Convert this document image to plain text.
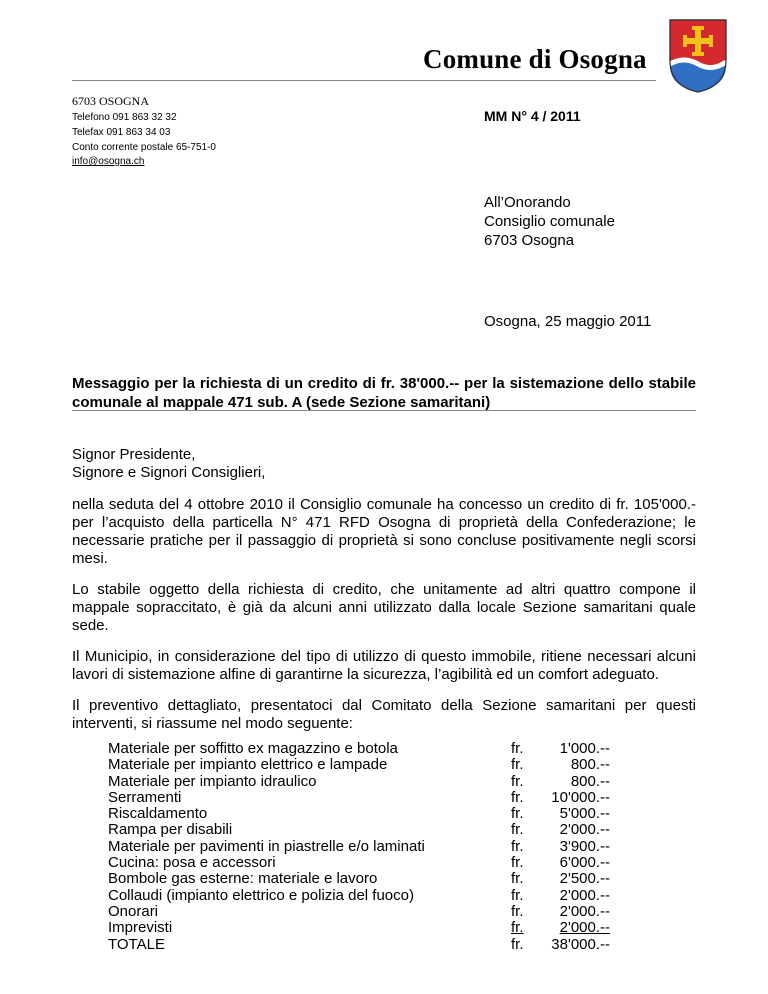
Comune di Osogna
6703 OSOGNA
Telefono 091 863 32 32
Telefax 091 863 34 03
Conto corrente postale 65-751-0
info@osogna.ch
MM N° 4 / 2011
All’Onorando
Consiglio comunale
6703 Osogna
Osogna, 25 maggio 2011
Messaggio per la richiesta di un credito di fr. 38'000.-- per la sistemazione dello stabile comunale al mappale 471 sub. A (sede Sezione samaritani)
Signor Presidente,
Signore e Signori Consiglieri,
nella seduta del 4 ottobre 2010 il Consiglio comunale ha concesso un credito di fr. 105'000.- per l’acquisto della particella N° 471 RFD Osogna di proprietà della Confederazione; le necessarie pratiche per il passaggio di proprietà si sono concluse positivamente negli scorsi mesi.
Lo stabile oggetto della richiesta di credito, che unitamente ad altri quattro compone il mappale sopraccitato, è già da alcuni anni utilizzato dalla locale Sezione samaritani quale sede.
Il Municipio, in considerazione del tipo di utilizzo di questo immobile, ritiene necessari alcuni lavori di sistemazione alfine di garantirne la sicurezza, l’agibilità ed un comfort adeguato.
Il preventivo dettagliato, presentatoci dal Comitato della Sezione samaritani per questi interventi, si riassume nel modo seguente:
Materiale per soffitto ex magazzino e botola	fr. 1'000.--
Materiale per impianto elettrico e lampade	fr.	800.--
Materiale per impianto idraulico	fr.	800.--
Serramenti	fr. 10'000.--
Riscaldamento	fr. 5'000.--
Rampa per disabili	fr. 2'000.--
Materiale per pavimenti in piastrelle e/o laminati	fr. 3'900.--
Cucina: posa e accessori	fr. 6'000.--
Bombole gas esterne: materiale e lavoro	fr. 2'500.--
Collaudi (impianto elettrico e polizia del fuoco)	fr. 2'000.--
Onorari	fr. 2'000.--
Imprevisti	fr. 2'000.--
TOTALE	fr. 38'000.--
